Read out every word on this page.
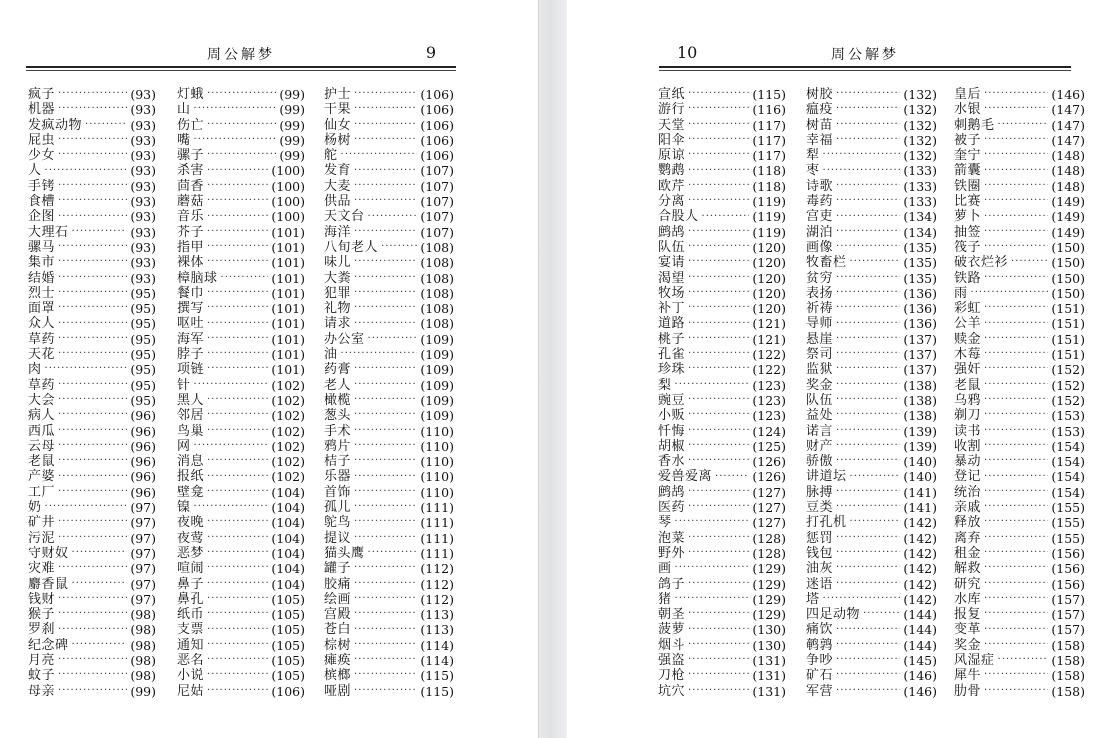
周公解梦	9
疯子 ·····	(93)
机器 ·····	(93)
发疯动物 ·····	(93)
屁虫 ·····	(93)
少女 ·····	(93)
人 ·····	(93)
手铐 ·····	(93)
食槽 ·····	(93)
企图 ·····	(93)
大理石 ·····	(93)
骡马 ·····	(93)
集市 ·····	(93)
结婚 ·····	(93)
烈士 ·····	(95)
面罩 ·····	(95)
众人 ·····	(95)
草药 ·····	(95)
天花 ·····	(95)
肉 ·····	(95)
草药 ·····	(95)
大会 ·····	(95)
病人 ·····	(96)
西瓜 ·····	(96)
云母 ·····	(96)
老鼠 ·····	(96)
产婆 ·····	(96)
工厂 ·····	(96)
奶 ·····	(97)
矿井 ·····	(97)
污泥 ·····	(97)
守财奴 ·····	(97)
灾难 ·····	(97)
麝香鼠 ·····	(97)
钱财 ·····	(97)
猴子 ·····	(98)
罗刹 ·····	(98)
纪念碑 ·····	(98)
月亮 ·····	(98)
蚊子 ·····	(98)
母亲 ·····	(99)
灯蛾 ·····	(99)
山 ·····	(99)
伤亡 ·····	(99)
嘴 ·····	(99)
骡子 ·····	(99)
杀害 ·····	(100)
茴香 ·····	(100)
蘑菇 ·····	(100)
音乐 ·····	(100)
芥子 ·····	(101)
指甲 ·····	(101)
裸体 ·····	(101)
樟脑球 ·····	(101)
餐巾 ·····	(101)
撰写 ·····	(101)
呕吐 ·····	(101)
海军 ·····	(101)
脖子 ·····	(101)
项链 ·····	(101)
针 ·····	(102)
黑人 ·····	(102)
邻居 ·····	(102)
鸟巢 ·····	(102)
网 ·····	(102)
消息 ·····	(102)
报纸 ·····	(102)
壁龛 ·····	(104)
镍 ·····	(104)
夜晚 ·····	(104)
夜莺 ·····	(104)
恶梦 ·····	(104)
喧闹 ·····	(104)
鼻子 ·····	(104)
鼻孔 ·····	(105)
纸币 ·····	(105)
支票 ·····	(105)
通知 ·····	(105)
恶名 ·····	(105)
小说 ·····	(105)
尼姑 ·····	(106)
护士 ·····	(106)
干果 ·····	(106)
仙女 ·····	(106)
杨树 ·····	(106)
舵 ·····	(106)
发育 ·····	(107)
大麦 ·····	(107)
供品 ·····	(107)
天文台 ·····	(107)
海洋 ·····	(107)
八旬老人 ·····	(108)
味儿 ·····	(108)
大粪 ·····	(108)
犯罪 ·····	(108)
礼物 ·····	(108)
请求 ·····	(108)
办公室 ·····	(109)
油 ·····	(109)
药膏 ·····	(109)
老人 ·····	(109)
橄榄 ·····	(109)
葱头 ·····	(109)
手术 ·····	(110)
鸦片 ·····	(110)
桔子 ·····	(110)
乐器 ·····	(110)
首饰 ·····	(110)
孤儿 ·····	(111)
鸵鸟 ·····	(111)
提议 ·····	(111)
猫头鹰 ·····	(111)
罐子 ·····	(112)
胶痛 ·····	(112)
绘画 ·····	(112)
宫殿 ·····	(113)
苍白 ·····	(113)
棕树 ·····	(114)
瘫痪 ·····	(114)
槟榔 ·····	(115)
哑剧 ·····	(115)
10	周公解梦
宣纸 ·····	(115)
游行 ·····	(116)
天堂 ·····	(117)
阳伞 ·····	(117)
原谅 ·····	(117)
鹦鹉 ·····	(118)
欧芹 ·····	(118)
分离 ·····	(119)
合股人 ·····	(119)
鹧鸪 ·····	(119)
队伍 ·····	(120)
宴请 ·····	(120)
渴望 ·····	(120)
牧场 ·····	(120)
补丁 ·····	(120)
道路 ·····	(121)
桃子 ·····	(121)
孔雀 ·····	(122)
珍珠 ·····	(122)
梨 ·····	(123)
豌豆 ·····	(123)
小贩 ·····	(123)
忏悔 ·····	(124)
胡椒 ·····	(125)
香水 ·····	(126)
爱兽爱离 ·····	(126)
鹧鸪 ·····	(127)
医药 ·····	(127)
琴 ·····	(127)
泡菜 ·····	(128)
野外 ·····	(128)
画 ·····	(129)
鸽子 ·····	(129)
猪 ·····	(129)
朝圣 ·····	(129)
菠萝 ·····	(130)
烟斗 ·····	(130)
强盗 ·····	(131)
刀枪 ·····	(131)
坑穴 ·····	(131)
树胶 ·····	(132)
瘟疫 ·····	(132)
树苗 ·····	(132)
幸福 ·····	(132)
犁 ·····	(132)
枣 ·····	(133)
诗歌 ·····	(133)
毒药 ·····	(133)
宫吏 ·····	(134)
湖泊 ·····	(134)
画像 ·····	(135)
牧畜栏 ·····	(135)
贫穷 ·····	(135)
表扬 ·····	(136)
祈祷 ·····	(136)
导师 ·····	(136)
悬崖 ·····	(137)
祭司 ·····	(137)
监狱 ·····	(137)
奖金 ·····	(138)
队伍 ·····	(138)
益处 ·····	(138)
诺言 ·····	(139)
财产 ·····	(139)
骄傲 ·····	(140)
讲道坛 ·····	(140)
脉搏 ·····	(141)
豆类 ·····	(141)
打孔机 ·····	(142)
惩罚 ·····	(142)
钱包 ·····	(142)
油灰 ·····	(142)
迷语 ·····	(142)
塔 ·····	(142)
四足动物 ·····	(144)
痛饮 ·····	(144)
鹌鹑 ·····	(144)
争吵 ·····	(145)
矿石 ·····	(146)
军营 ·····	(146)
皇后 ·····	(146)
水银 ·····	(147)
刺鹅毛 ·····	(147)
被子 ·····	(147)
奎宁 ·····	(148)
箭囊 ·····	(148)
铁圈 ·····	(148)
比赛 ·····	(149)
萝卜 ·····	(149)
抽签 ·····	(149)
筏子 ·····	(150)
破衣烂衫 ·····	(150)
铁路 ·····	(150)
雨 ·····	(150)
彩虹 ·····	(151)
公羊 ·····	(151)
赎金 ·····	(151)
木莓 ·····	(151)
强奸 ·····	(152)
老鼠 ·····	(152)
乌鸦 ·····	(152)
剃刀 ·····	(153)
读书 ·····	(153)
收割 ·····	(154)
暴动 ·····	(154)
登记 ·····	(154)
统治 ·····	(154)
亲戚 ·····	(155)
释放 ·····	(155)
离弃 ·····	(155)
租金 ·····	(156)
解救 ·····	(156)
研究 ·····	(156)
水库 ·····	(157)
报复 ·····	(157)
变革 ·····	(157)
奖金 ·····	(158)
风湿症 ·····	(158)
犀牛 ·····	(158)
肋骨 ·····	(158)
